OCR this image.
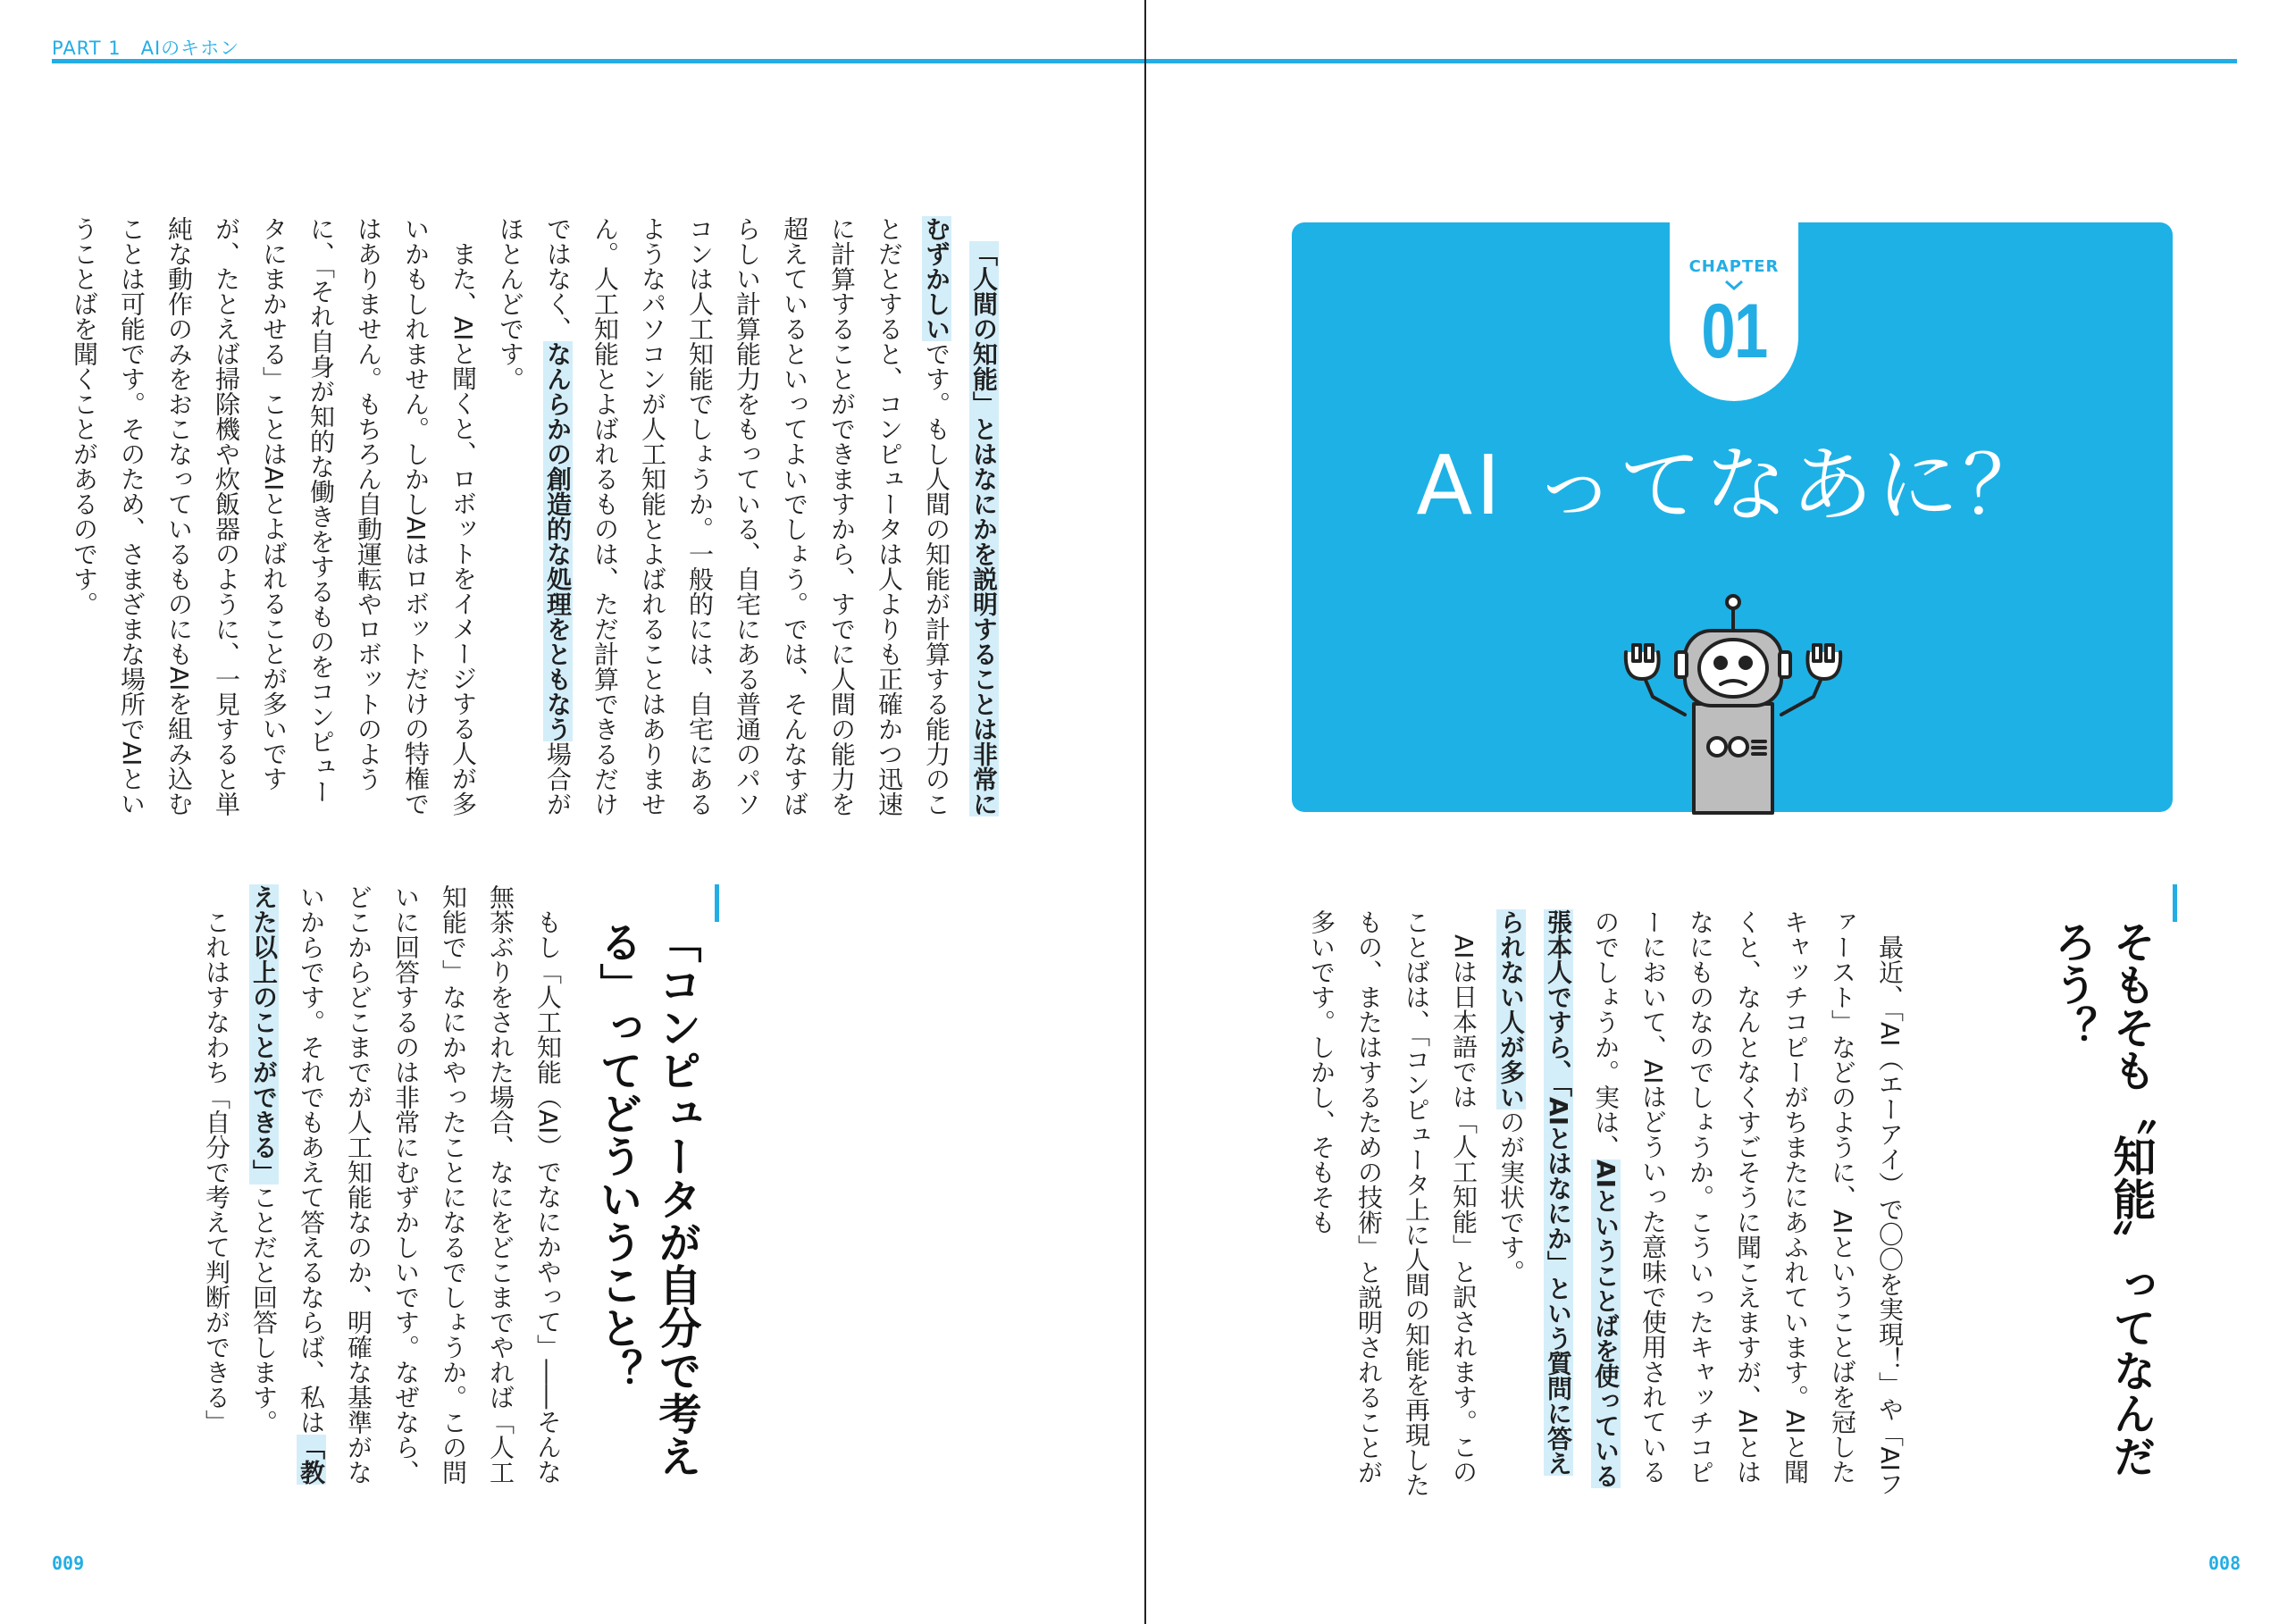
PART 1　AIのキホン
CHAPTER
01
AI ってなあに？
そもそも〝知能〟ってなんだろう？

最近、「AI（エーアイ）で〇〇を実現！」や「AIファースト」などのように、AIということばを冠したキャッチコピーがちまたにあふれています。AIと聞くと、なんとなくすごそうに聞こえますが、AIとはなにものなのでしょうか。こういったキャッチコピーにおいて、AIはどういった意味で使用されているのでしょうか。実は、AIということばを使っている張本人ですら、「AIとはなにか」という質問に答えられない人が多いのが実状です。

AIは日本語では「人工知能」と訳されます。このことばは、「コンピュータ上に人間の知能を再現したもの、またはするための技術」と説明されることが多いです。しかし、そもそも

「人間の知能」とはなにかを説明することは非常にむずかしいです。もし人間の知能が計算する能力のことだとすると、コンピュータは人よりも正確かつ迅速に計算することができますから、すでに人間の能力を超えているといってよいでしょう。では、そんなすばらしい計算能力をもっている、自宅にある普通のパソコンは人工知能でしょうか。一般的には、自宅にあるようなパソコンが人工知能とよばれることはありません。人工知能とよばれるものは、ただ計算できるだけではなく、なんらかの創造的な処理をともなう場合がほとんどです。

また、AIと聞くと、ロボットをイメージする人が多いかもしれません。しかしAIはロボットだけの特権ではありません。もちろん自動運転やロボットのように、「それ自身が知的な働きをするものをコンピュータにまかせる」ことはAIとよばれることが多いですが、たとえば掃除機や炊飯器のように、一見すると単純な動作のみをおこなっているものにもAIを組み込むことは可能です。そのため、さまざまな場所でAIということばを聞くことがあるのです。

「コンピュータが自分で考える」ってどういうこと？

もし「人工知能（AI）でなにかやって」――そんな無茶ぶりをされた場合、なにをどこまでやれば「人工知能で」なにかやったことになるでしょうか。この問いに回答するのは非常にむずかしいです。なぜなら、どこからどこまでが人工知能なのか、明確な基準がないからです。それでもあえて答えるならば、私は「教えた以上のことができる」ことだと回答します。

これはすなわち「自分で考えて判断ができる」

009	008
